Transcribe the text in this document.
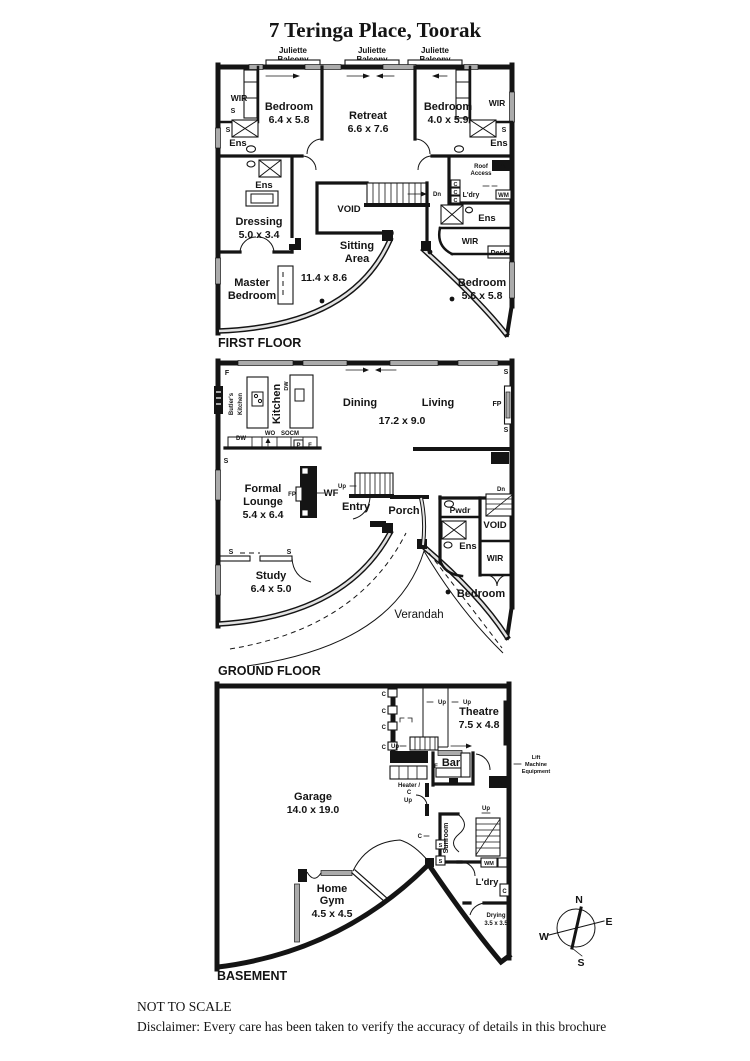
7 Teringa Place, Toorak
Juliette	Juliette	Juliette
VOID
Dn
Roof
Access
Lift
C
C
C
L'dry	WM
Ens
WIR
Desk
WIR
S
S
Ens
Bedroom
6.4 x 5.8	Retreat
6.6 x 7.6
Bedroom
4.0 x 5.9
WIR
S
Ens
Ens
Dressing
5.0 x 3.4
Sitting
Area
11.4 x 8.6
Master
Bedroom
Bedroom
5.6 x 5.8
FIRST FLOOR
Lift
F
Butler's Kitchen Kitchen DW
DW
WO SOCM
P F
Dining	Living
17.2 x 9.0
S
FP
S
S
Formal
Lounge
5.4 x 6.4
FP	WF
Up
Entry Porch	Pwdr
Dn
VOID
Ens
WIR
Bedroom
S	S
Study
6.4 x 5.0
Verandah
GROUND FLOOR
C
C
C
C
Up	Up
Theatre
7.5 x 4.8
Up
F Bar
Heater /
C
Lift
Lift
Machine
Equipment
Garage
14.0 x 19.0
Up
C
S
S
Sunroom
Up
WM
L'dry
C
Drying
3.5 x 3.5
Home
Gym
4.5 x 4.5
BASEMENT
N
E
W
S
NOT TO SCALE
Disclaimer: Every care has been taken to verify the accuracy of details in this brochure
